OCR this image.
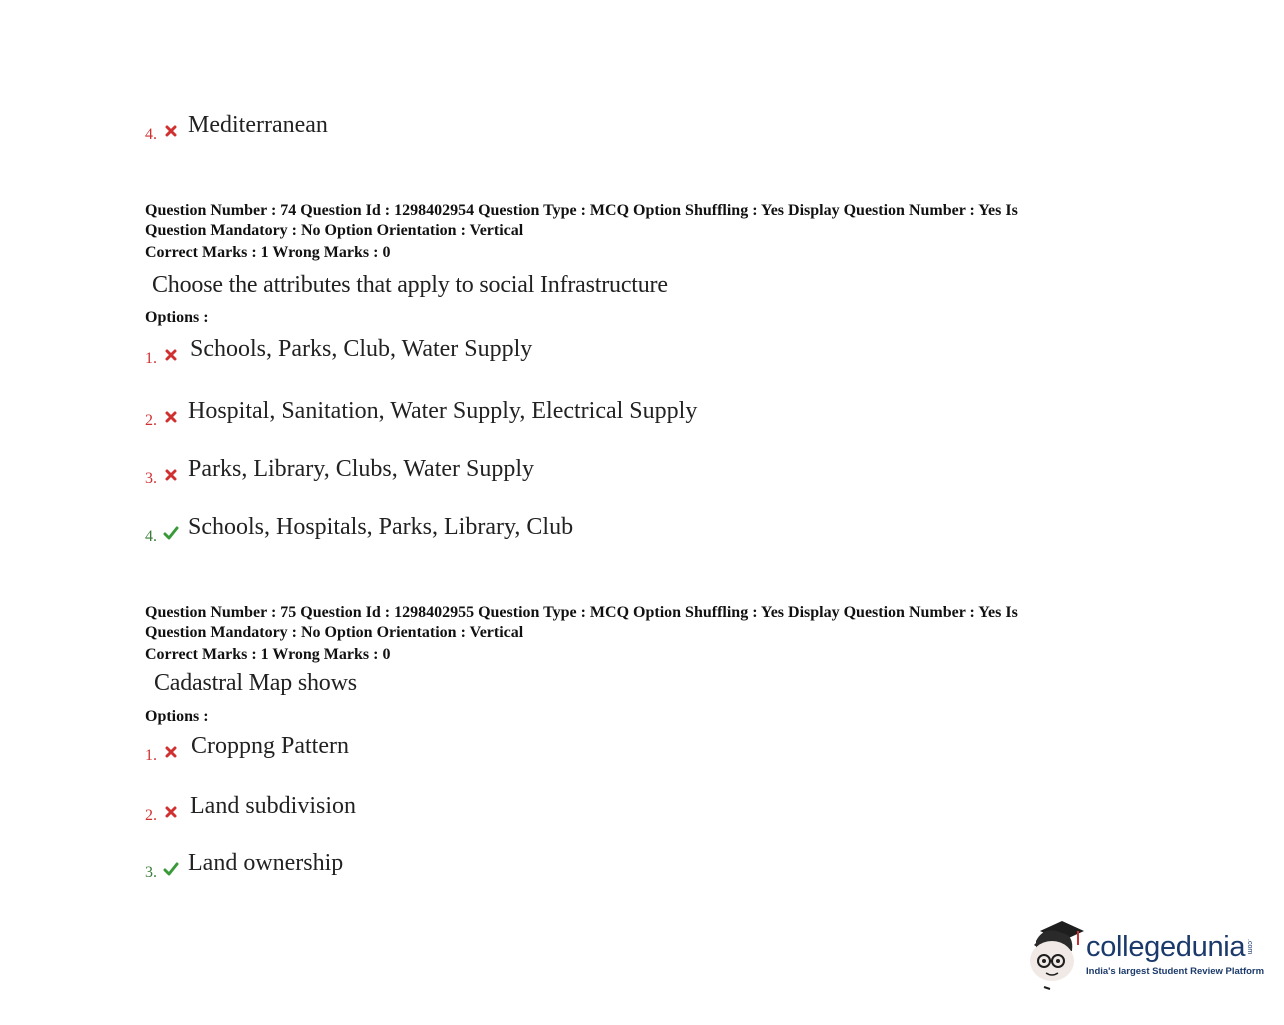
4. Mediterranean
Question Number : 74 Question Id : 1298402954 Question Type : MCQ Option Shuffling : Yes Display Question Number : Yes Is
Question Mandatory : No Option Orientation : Vertical
Correct Marks : 1 Wrong Marks : 0
Choose the attributes that apply to social Infrastructure
Options :
1. Schools, Parks, Club, Water Supply
2. Hospital, Sanitation, Water Supply, Electrical Supply
3. Parks, Library, Clubs, Water Supply
4. Schools, Hospitals, Parks, Library, Club
Question Number : 75 Question Id : 1298402955 Question Type : MCQ Option Shuffling : Yes Display Question Number : Yes Is
Question Mandatory : No Option Orientation : Vertical
Correct Marks : 1 Wrong Marks : 0
Cadastral Map shows
Options :
1. Croppng Pattern
2. Land subdivision
3. Land ownership
collegedunia .com
India's largest Student Review Platform
